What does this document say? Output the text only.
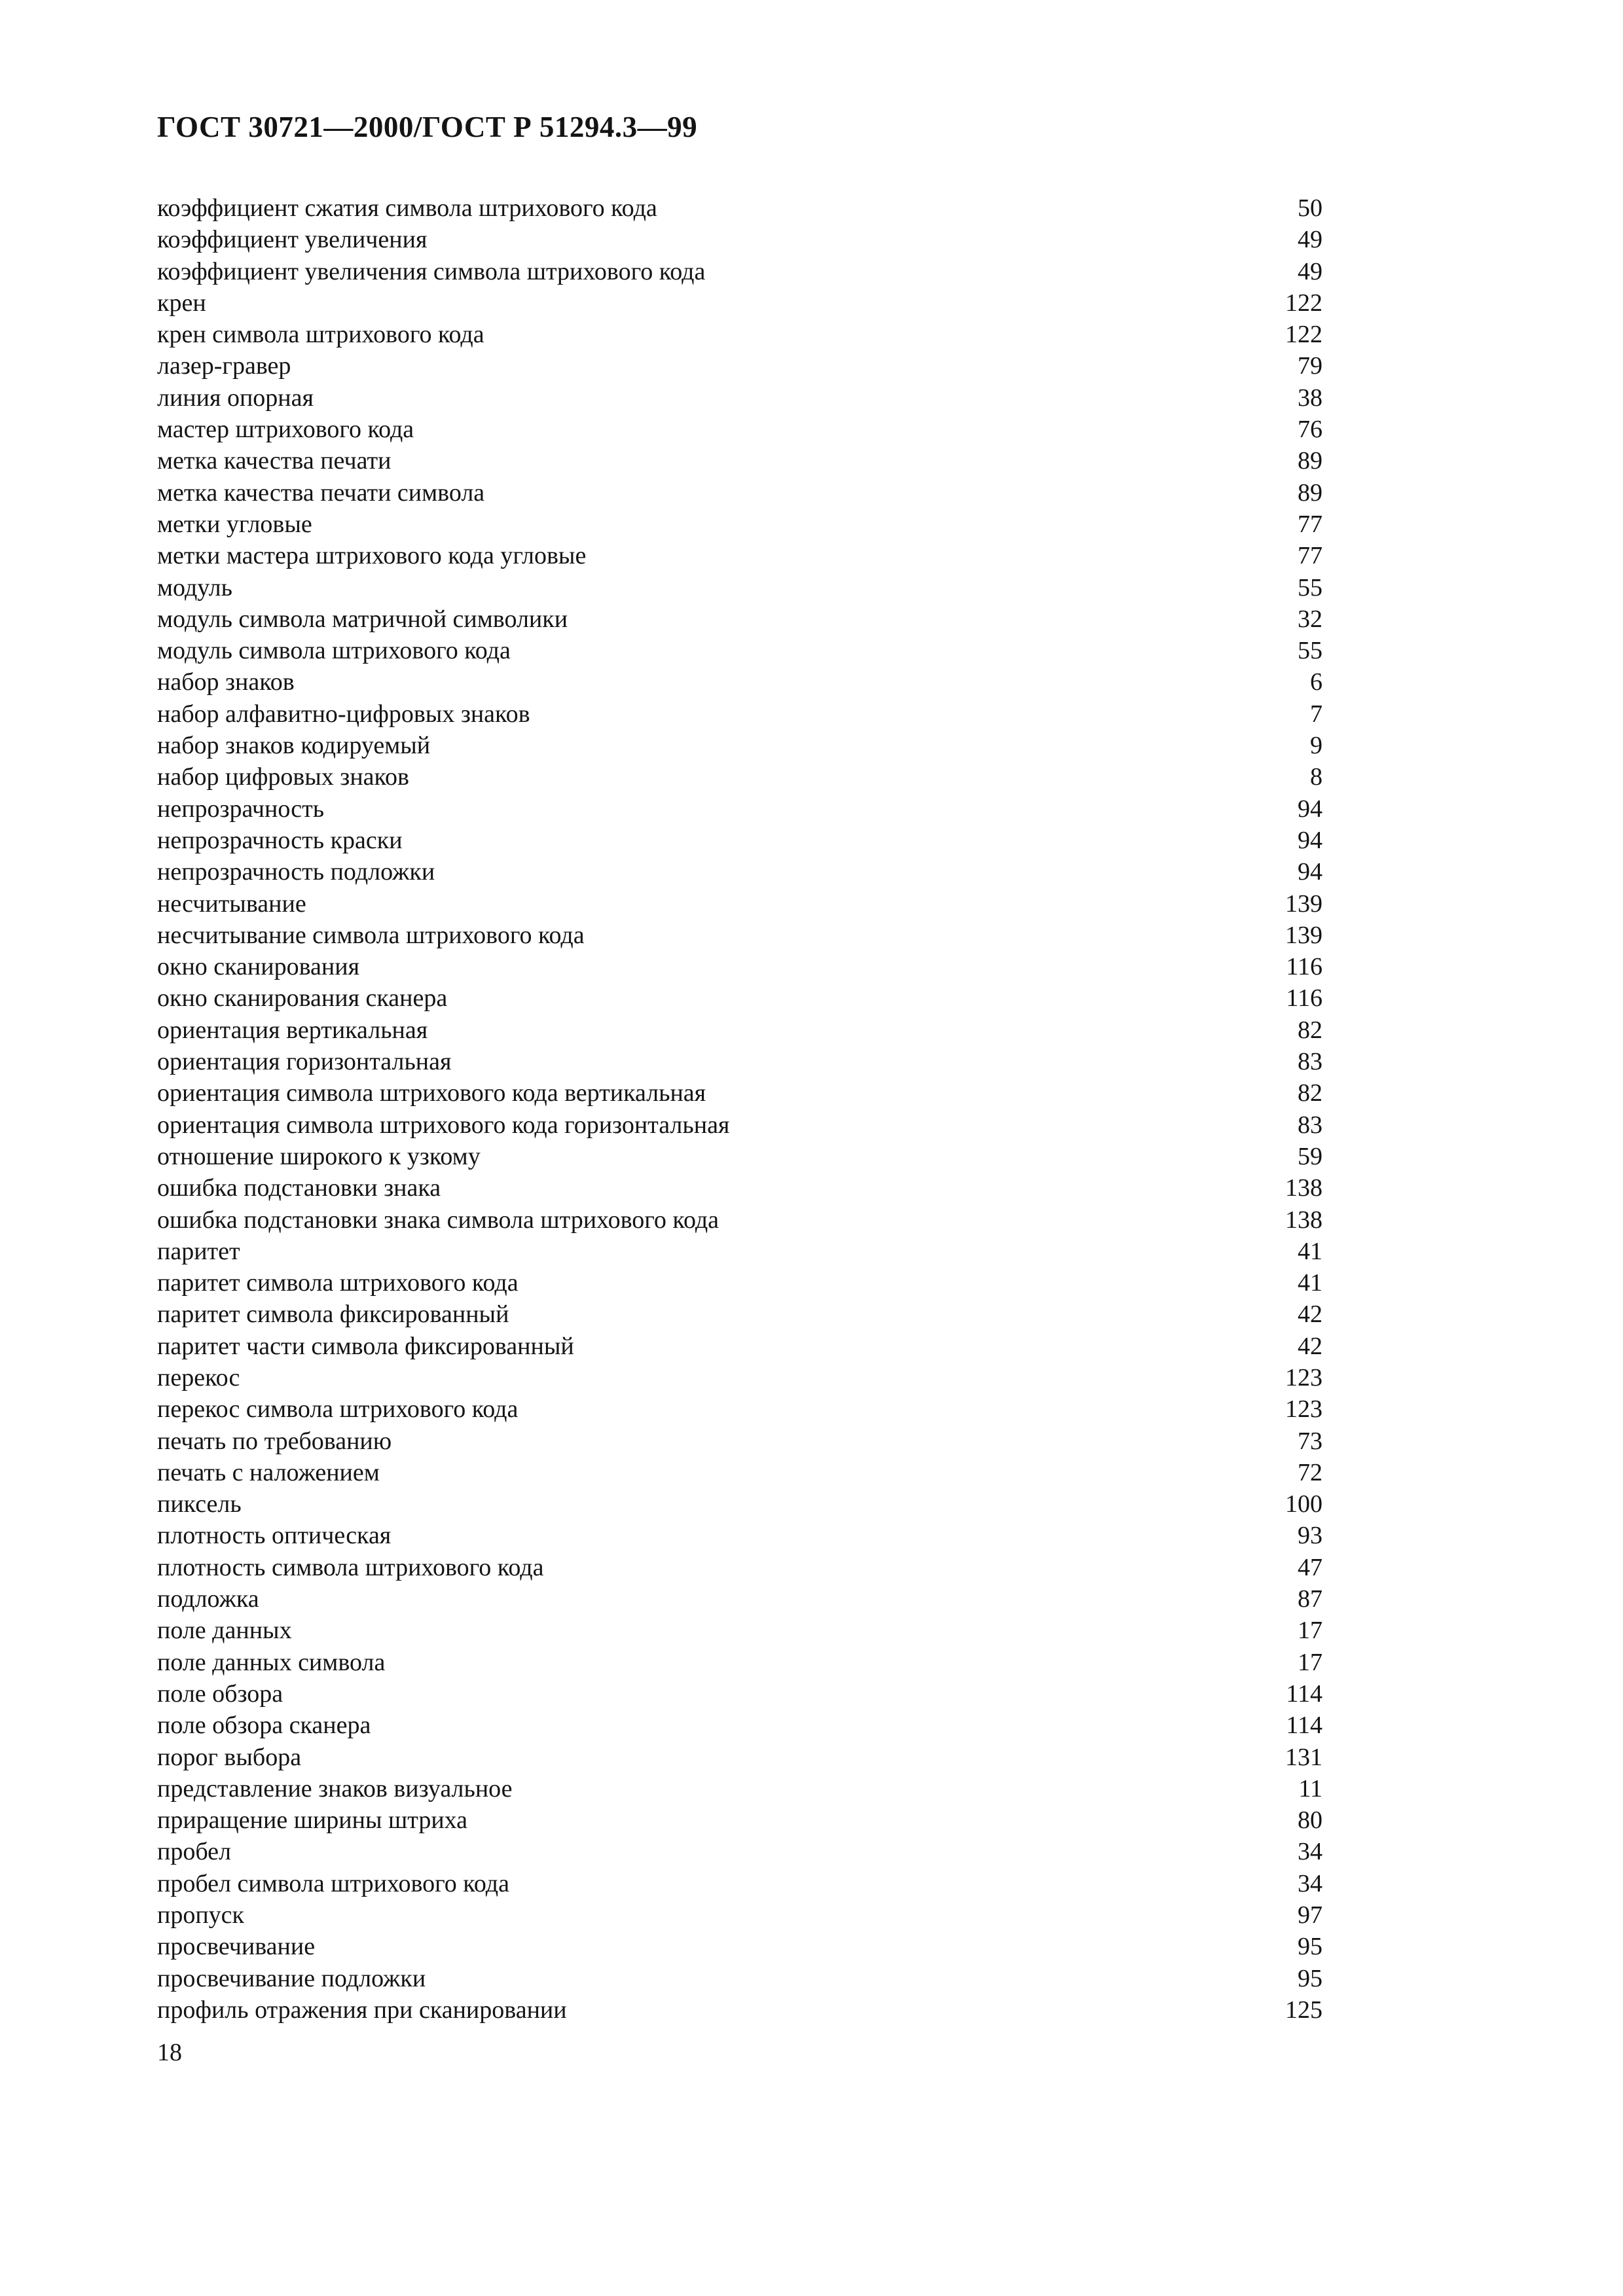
ГОСТ 30721—2000/ГОСТ Р 51294.3—99
коэффициент сжатия символа штрихового кода	50
коэффициент увеличения	49
коэффициент увеличения символа штрихового кода	49
крен	122
крен символа штрихового кода	122
лазер-гравер	79
линия опорная	38
мастер штрихового кода	76
метка качества печати	89
метка качества печати символа	89
метки угловые	77
метки мастера штрихового кода угловые	77
модуль	55
модуль символа матричной символики	32
модуль символа штрихового кода	55
набор знаков	6
набор алфавитно-цифровых знаков	7
набор знаков кодируемый	9
набор цифровых знаков	8
непрозрачность	94
непрозрачность краски	94
непрозрачность подложки	94
несчитывание	139
несчитывание символа штрихового кода	139
окно сканирования	116
окно сканирования сканера	116
ориентация вертикальная	82
ориентация горизонтальная	83
ориентация символа штрихового кода вертикальная	82
ориентация символа штрихового кода горизонтальная	83
отношение широкого к узкому	59
ошибка подстановки знака	138
ошибка подстановки знака символа штрихового кода	138
паритет	41
паритет символа штрихового кода	41
паритет символа фиксированный	42
паритет части символа фиксированный	42
перекос	123
перекос символа штрихового кода	123
печать по требованию	73
печать с наложением	72
пиксель	100
плотность оптическая	93
плотность символа штрихового кода	47
подложка	87
поле данных	17
поле данных символа	17
поле обзора	114
поле обзора сканера	114
порог выбора	131
представление знаков визуальное	11
приращение ширины штриха	80
пробел	34
пробел символа штрихового кода	34
пропуск	97
просвечивание	95
просвечивание подложки	95
профиль отражения при сканировании	125
18
